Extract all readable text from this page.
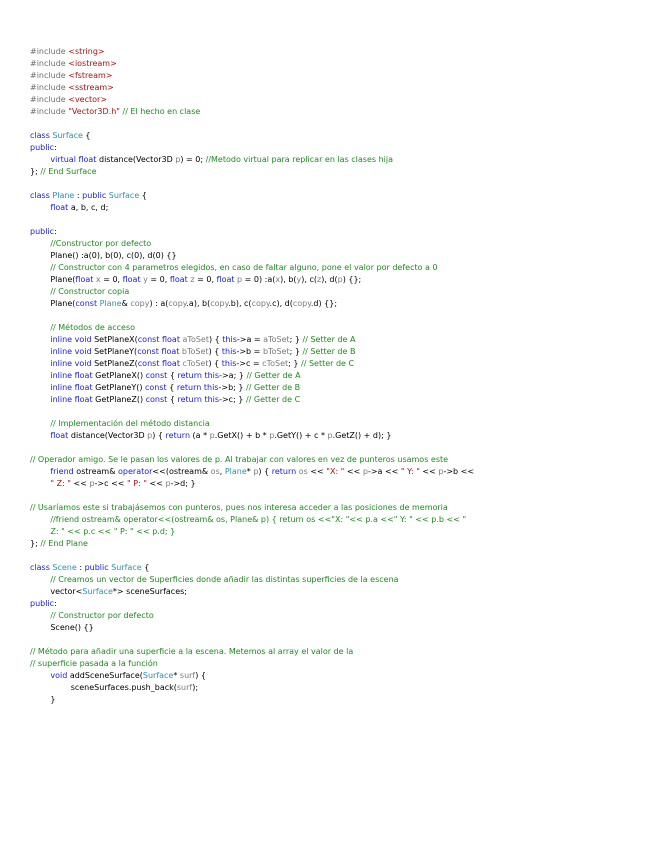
#include <string>
#include <iostream>
#include <fstream>
#include <sstream>
#include <vector>
#include "Vector3D.h" // El hecho en clase

class Surface {
public:
virtual float distance(Vector3D p) = 0; //Metodo virtual para replicar en las clases hija
}; // End Surface

class Plane : public Surface {
float a, b, c, d;

public:
//Constructor por defecto
Plane() :a(0), b(0), c(0), d(0) {}
// Constructor con 4 parametros elegidos, en caso de faltar alguno, pone el valor por defecto a 0
Plane(float x = 0, float y = 0, float z = 0, float p = 0) :a(x), b(y), c(z), d(p) {};
// Constructor copia
Plane(const Plane& copy) : a(copy.a), b(copy.b), c(copy.c), d(copy.d) {};

// Métodos de acceso
inline void SetPlaneX(const float aToSet) { this->a = aToSet; } // Setter de A
inline void SetPlaneY(const float bToSet) { this->b = bToSet; } // Setter de B
inline void SetPlaneZ(const float cToSet) { this->c = cToSet; } // Setter de C
inline float GetPlaneX() const { return this->a; } // Getter de A
inline float GetPlaneY() const { return this->b; } // Getter de B
inline float GetPlaneZ() const { return this->c; } // Getter de C

// Implementación del método distancia
float distance(Vector3D p) { return (a * p.GetX() + b * p.GetY() + c * p.GetZ() + d); }

// Operador amigo. Se le pasan los valores de p. Al trabajar con valores en vez de punteros usamos este
friend ostream& operator<<(ostream& os, Plane* p) { return os << "X: " << p->a << " Y: " << p->b <<
" Z: " << p->c << " P: " << p->d; }

// Usaríamos este si trabajásemos con punteros, pues nos interesa acceder a las posiciones de memoria
//friend ostream& operator<<(ostream& os, Plane& p) { return os <<"X: "<< p.a <<" Y: " << p.b << "
Z: " << p.c << " P: " << p.d; }
}; // End Plane

class Scene : public Surface {
// Creamos un vector de Superficies donde añadir las distintas superficies de la escena
vector<Surface*> sceneSurfaces;
public:
// Constructor por defecto
Scene() {}

// Método para añadir una superficie a la escena. Metemos al array el valor de la
// superficie pasada a la función
void addSceneSurface(Surface* surf) {
sceneSurfaces.push_back(surf);
}
